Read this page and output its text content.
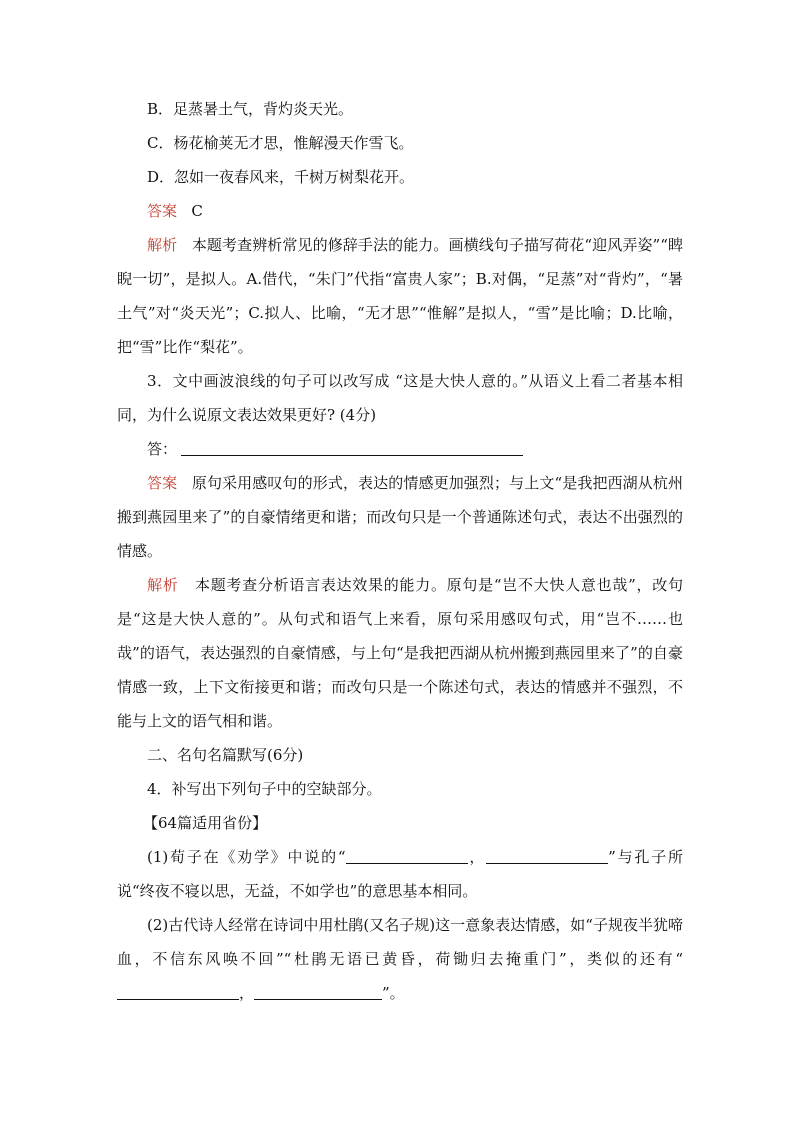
B．足蒸暑土气，背灼炎天光。

C．杨花榆荚无才思，惟解漫天作雪飞。

D．忽如一夜春风来，千树万树梨花开。

答案 C

解析 本题考查辨析常见的修辞手法的能力。画横线句子描写荷花“迎风弄姿”“睥睨一切”，是拟人。A.借代，“朱门”代指“富贵人家”；B.对偶，“足蒸”对“背灼”，“暑土气”对“炎天光”；C.拟人、比喻，“无才思”“惟解”是拟人，“雪”是比喻；D.比喻，把“雪”比作“梨花”。

3．文中画波浪线的句子可以改写成 “这是大快人意的。”从语义上看二者基本相同，为什么说原文表达效果更好? (4分)

答：

答案 原句采用感叹句的形式，表达的情感更加强烈；与上文“是我把西湖从杭州搬到燕园里来了”的自豪情绪更和谐；而改句只是一个普通陈述句式，表达不出强烈的情感。

解析 本题考查分析语言表达效果的能力。原句是“岂不大快人意也哉”，改句是“这是大快人意的”。从句式和语气上来看，原句采用感叹句式，用“岂不……也哉”的语气，表达强烈的自豪情感，与上句“是我把西湖从杭州搬到燕园里来了”的自豪情感一致，上下文衔接更和谐；而改句只是一个陈述句式，表达的情感并不强烈，不能与上文的语气相和谐。

二、名句名篇默写(6分)

4．补写出下列句子中的空缺部分。

【64篇适用省份】

(1)荀子在《劝学》中说的“	，	”与孔子所说“终夜不寝以思，无益，不如学也”的意思基本相同。

(2)古代诗人经常在诗词中用杜鹃(又名子规)这一意象表达情感，如“子规夜半犹啼血，不信东风唤不回”“杜鹃无语已黄昏，荷锄归去掩重门”，类似的还有“，	”。
